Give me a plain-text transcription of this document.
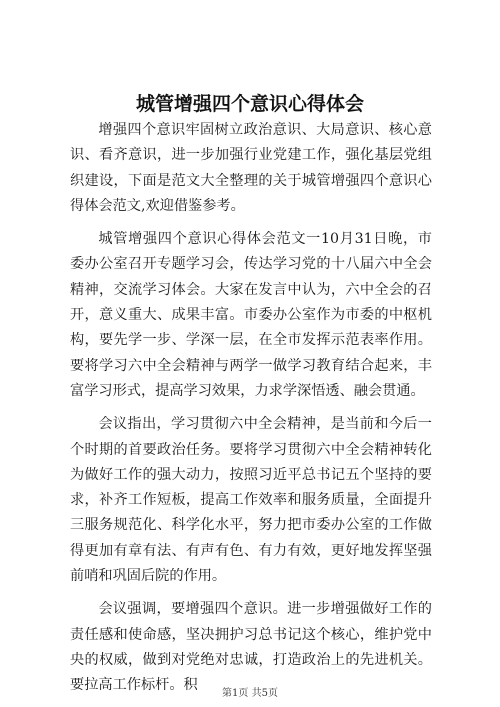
城管增强四个意识心得体会

增强四个意识牢固树立政治意识、大局意识、核心意识、看齐意识，进一步加强行业党建工作，强化基层党组织建设，下面是范文大全整理的关于城管增强四个意识心得体会范文,欢迎借鉴参考。

城管增强四个意识心得体会范文一10月31日晚，市委办公室召开专题学习会，传达学习党的十八届六中全会精神，交流学习体会。大家在发言中认为，六中全会的召开，意义重大、成果丰富。市委办公室作为市委的中枢机构，要先学一步、学深一层，在全市发挥示范表率作用。要将学习六中全会精神与两学一做学习教育结合起来，丰富学习形式，提高学习效果，力求学深悟透、融会贯通。

会议指出，学习贯彻六中全会精神，是当前和今后一个时期的首要政治任务。要将学习贯彻六中全会精神转化为做好工作的强大动力，按照习近平总书记五个坚持的要求，补齐工作短板，提高工作效率和服务质量，全面提升三服务规范化、科学化水平，努力把市委办公室的工作做得更加有章有法、有声有色、有力有效，更好地发挥坚强前哨和巩固后院的作用。

会议强调，要增强四个意识。进一步增强做好工作的责任感和使命感，坚决拥护习总书记这个核心，维护党中央的权威，做到对党绝对忠诚，打造政治上的先进机关。要拉高工作标杆。积

第1页 共5页
